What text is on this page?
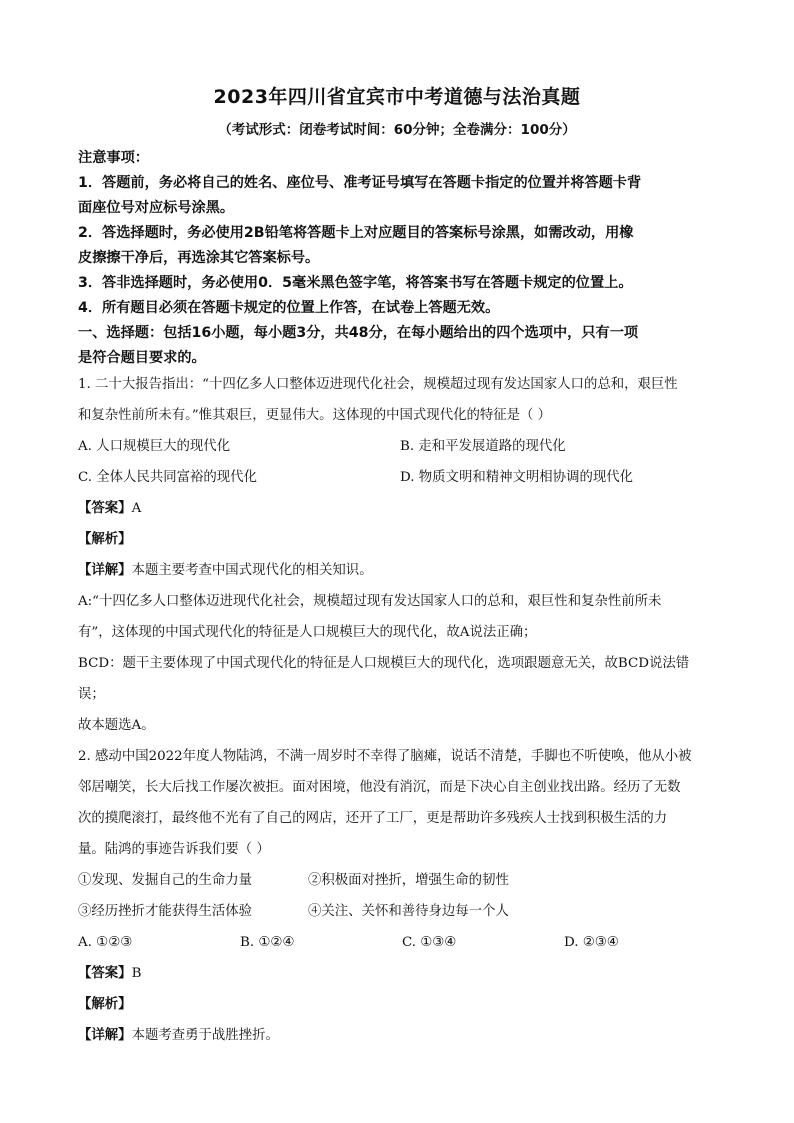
2023年四川省宜宾市中考道德与法治真题
（考试形式：闭卷考试时间：60分钟；全卷满分：100分）
注意事项：
1．答题前，务必将自己的姓名、座位号、准考证号填写在答题卡指定的位置并将答题卡背
面座位号对应标号涂黑。
2．答选择题时，务必使用2B铅笔将答题卡上对应题目的答案标号涂黑，如需改动，用橡
皮擦擦干净后，再选涂其它答案标号。
3．答非选择题时，务必使用0．5毫米黑色签字笔，将答案书写在答题卡规定的位置上。
4．所有题目必须在答题卡规定的位置上作答，在试卷上答题无效。
一、选择题：包括16小题，每小题3分，共48分，在每小题给出的四个选项中，只有一项
是符合题目要求的。
1. 二十大报告指出：“十四亿多人口整体迈进现代化社会，规模超过现有发达国家人口的总和，艰巨性
和复杂性前所未有。”惟其艰巨，更显伟大。这体现的中国式现代化的特征是（ ）
A. 人口规模巨大的现代化	B. 走和平发展道路的现代化
C. 全体人民共同富裕的现代化	D. 物质文明和精神文明相协调的现代化
【答案】A
【解析】
【详解】本题主要考查中国式现代化的相关知识。
A:“十四亿多人口整体迈进现代化社会，规模超过现有发达国家人口的总和，艰巨性和复杂性前所未
有”，这体现的中国式现代化的特征是人口规模巨大的现代化，故A说法正确；
BCD：题干主要体现了中国式现代化的特征是人口规模巨大的现代化，选项跟题意无关，故BCD说法错
误；
故本题选A。
2. 感动中国2022年度人物陆鸿，不满一周岁时不幸得了脑瘫，说话不清楚，手脚也不听使唤，他从小被
邻居嘲笑，长大后找工作屡次被拒。面对困境，他没有消沉，而是下决心自主创业找出路。经历了无数
次的摸爬滚打，最终他不光有了自己的网店，还开了工厂，更是帮助许多残疾人士找到积极生活的力
量。陆鸿的事迹告诉我们要（ ）
①发现、发掘自己的生命力量	②积极面对挫折，增强生命的韧性
③经历挫折才能获得生活体验	④关注、关怀和善待身边每一个人
A. ①②③	B. ①②④	C. ①③④	D. ②③④
【答案】B
【解析】
【详解】本题考查勇于战胜挫折。
